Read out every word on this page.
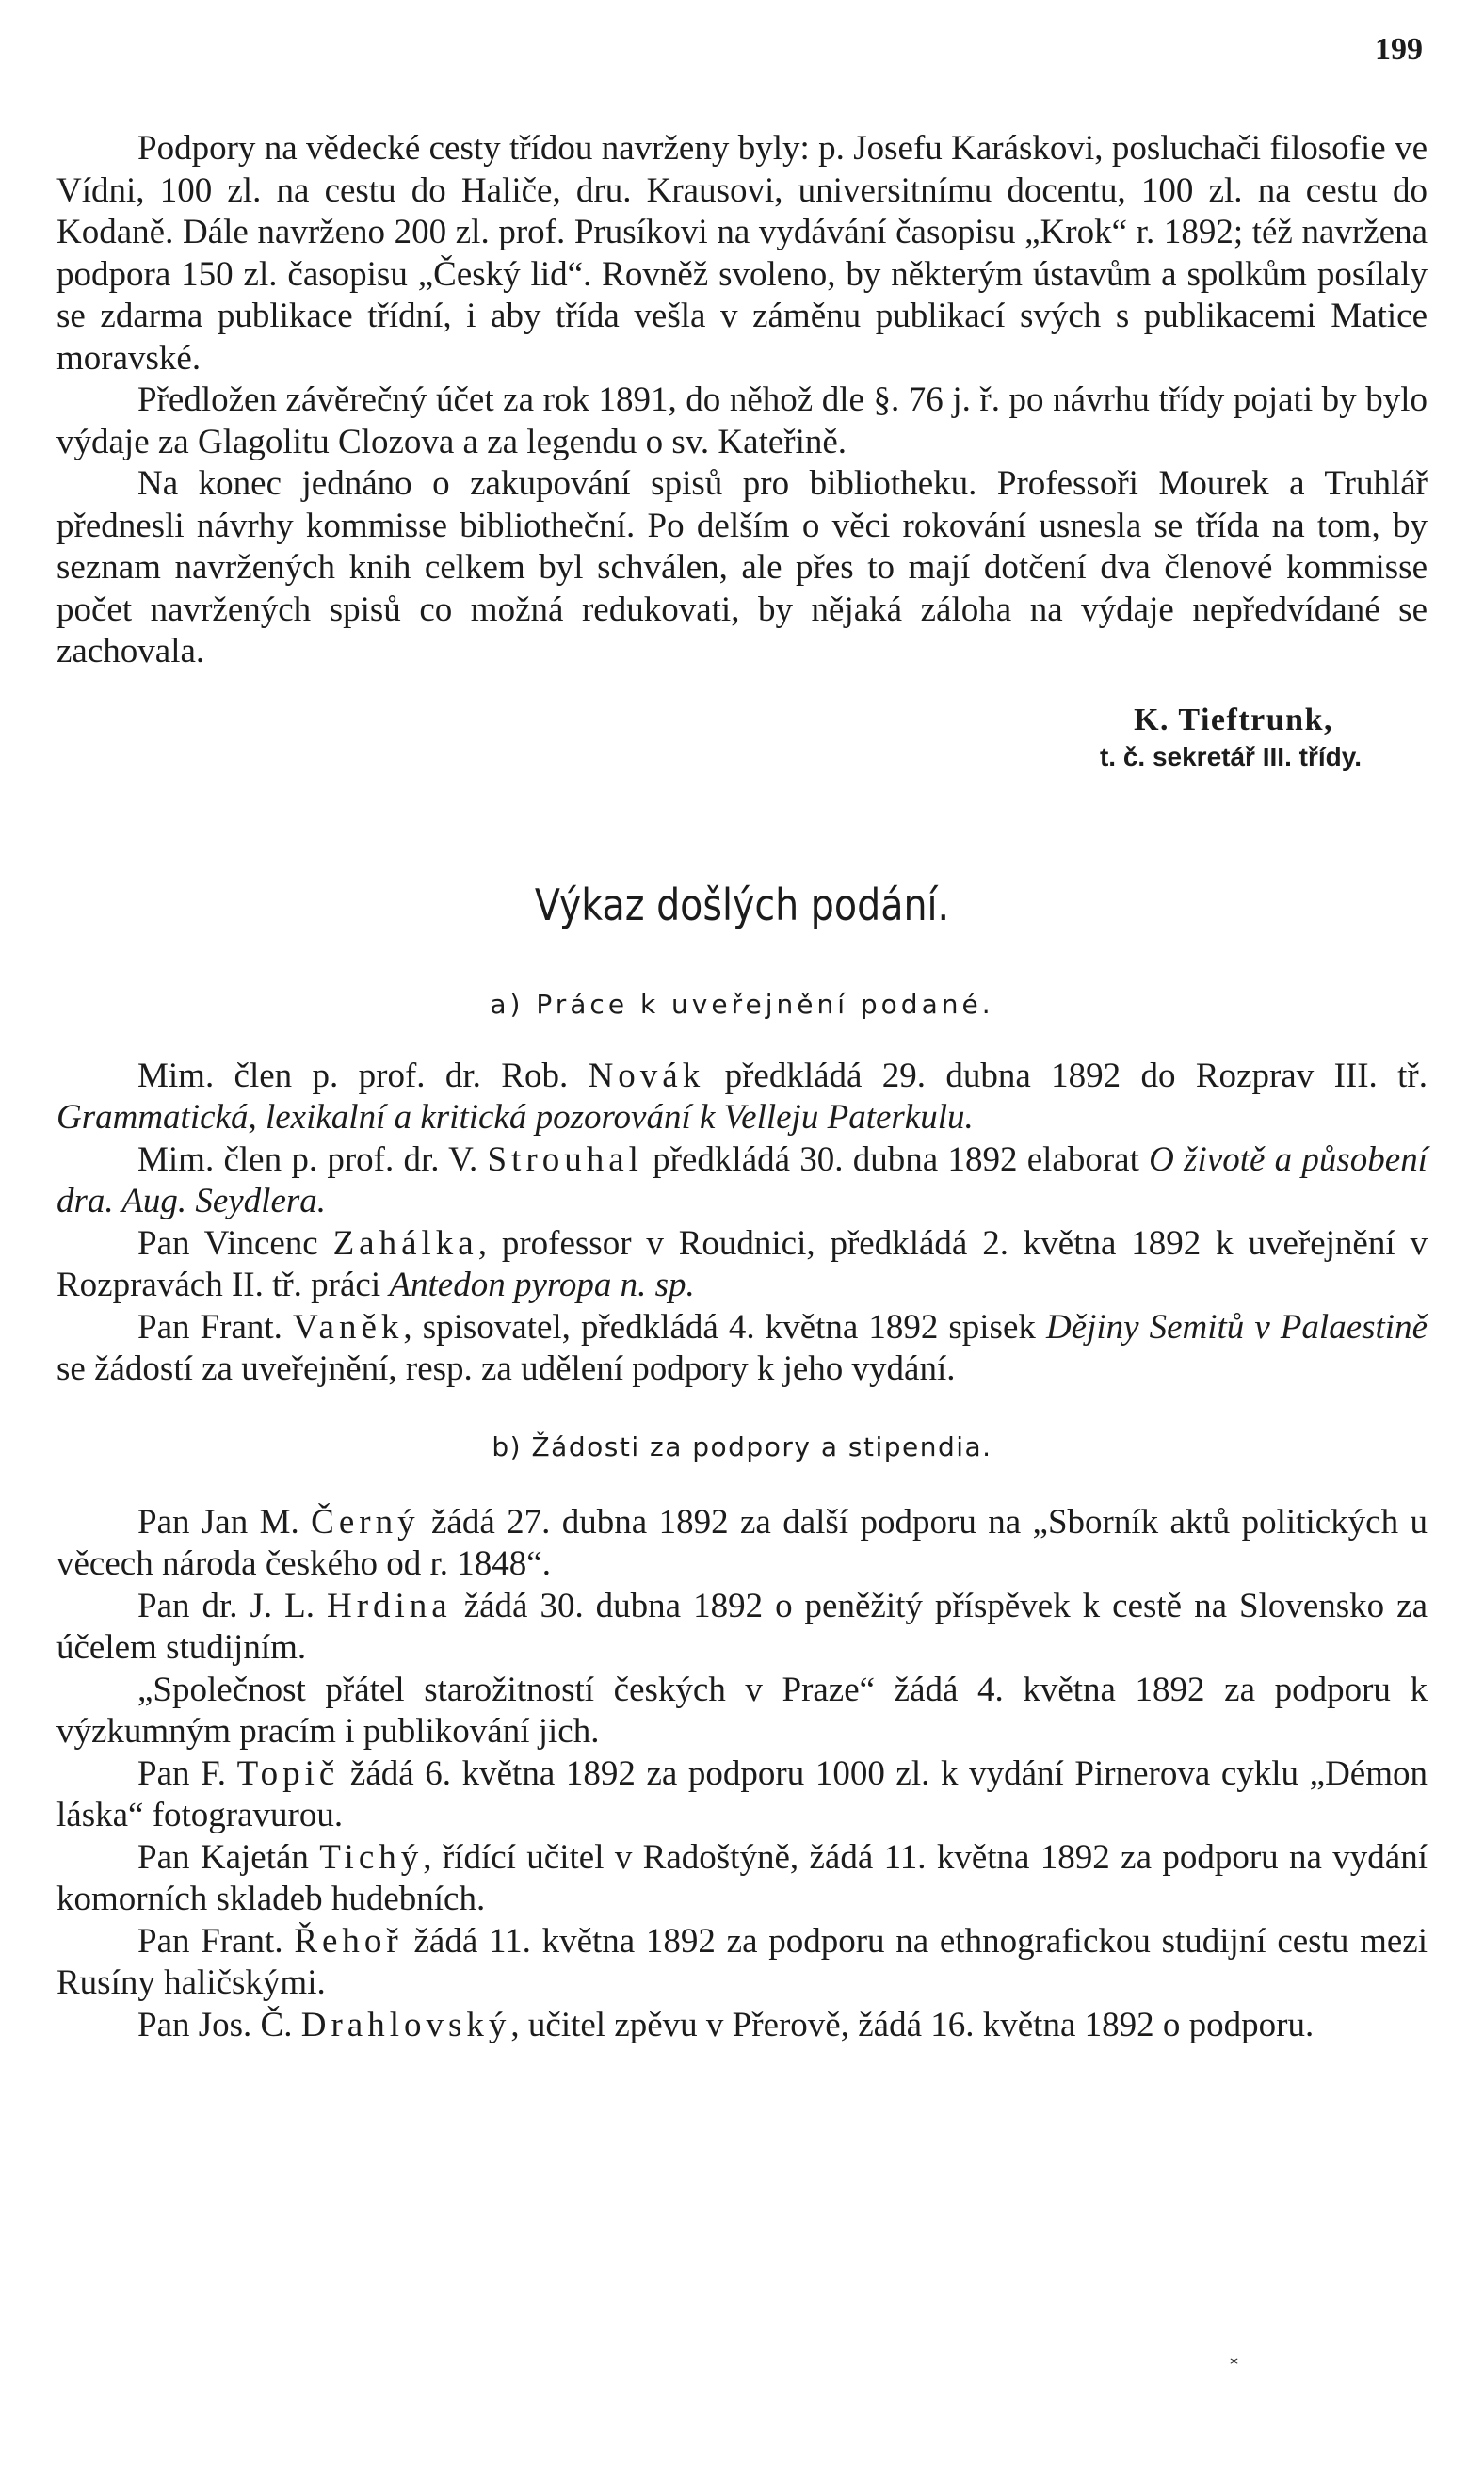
199

Podpory na vědecké cesty třídou navrženy byly: p. Josefu Karáskovi, posluchači filosofie ve Vídni, 100 zl. na cestu do Haliče, dru. Krausovi, universitnímu docentu, 100 zl. na cestu do Kodaně. Dále navrženo 200 zl. prof. Prusíkovi na vydávání časopisu „Krok“ r. 1892; též navržena podpora 150 zl. časopisu „Český lid“. Rovněž svoleno, by některým ústavům a spolkům posílaly se zdarma publikace třídní, i aby třída vešla v záměnu publikací svých s publikacemi Matice moravské.

Předložen závěrečný účet za rok 1891, do něhož dle §. 76 j. ř. po návrhu třídy pojati by bylo výdaje za Glagolitu Clozova a za legendu o sv. Kateřině.

Na konec jednáno o zakupování spisů pro bibliotheku. Professoři Mourek a Truhlář přednesli návrhy kommisse bibliotheční. Po delším o věci rokování usnesla se třída na tom, by seznam navržených knih celkem byl schválen, ale přes to mají dotčení dva členové kommisse počet navržených spisů co možná redukovati, by nějaká záloha na výdaje nepředvídané se zachovala.

K. Tieftrunk,
t. č. sekretář III. třídy.
Výkaz došlých podání.
a) Práce k uveřejnění podané.

Mim. člen p. prof. dr. Rob. Novák předkládá 29. dubna 1892 do Rozprav III. tř. Grammatická, lexikalní a kritická pozorování k Velleju Paterkulu.

Mim. člen p. prof. dr. V. Strouhal předkládá 30. dubna 1892 elaborat O životě a působení dra. Aug. Seydlera.

Pan Vincenc Zahálka, professor v Roudnici, předkládá 2. května 1892 k uveřejnění v Rozpravách II. tř. práci Antedon pyropa n. sp.

Pan Frant. Vaněk, spisovatel, předkládá 4. května 1892 spisek Dějiny Semitů v Palaestině se žádostí za uveřejnění, resp. za udělení podpory k jeho vydání.

b) Žádosti za podpory a stipendia.

Pan Jan M. Černý žádá 27. dubna 1892 za další podporu na „Sborník aktů politických u věcech národa českého od r. 1848“.

Pan dr. J. L. Hrdina žádá 30. dubna 1892 o peněžitý příspěvek k cestě na Slovensko za účelem studijním.

„Společnost přátel starožitností českých v Praze“ žádá 4. května 1892 za podporu k výzkumným pracím i publikování jich.

Pan F. Topič žádá 6. května 1892 za podporu 1000 zl. k vydání Pirnerova cyklu „Démon láska“ fotogravurou.

Pan Kajetán Tichý, řídící učitel v Radoštýně, žádá 11. května 1892 za podporu na vydání komorních skladeb hudebních.

Pan Frant. Řehoř žádá 11. května 1892 za podporu na ethnografickou studijní cestu mezi Rusíny haličskými.

Pan Jos. Č. Drahlovský, učitel zpěvu v Přerově, žádá 16. května 1892 o podporu.

*
